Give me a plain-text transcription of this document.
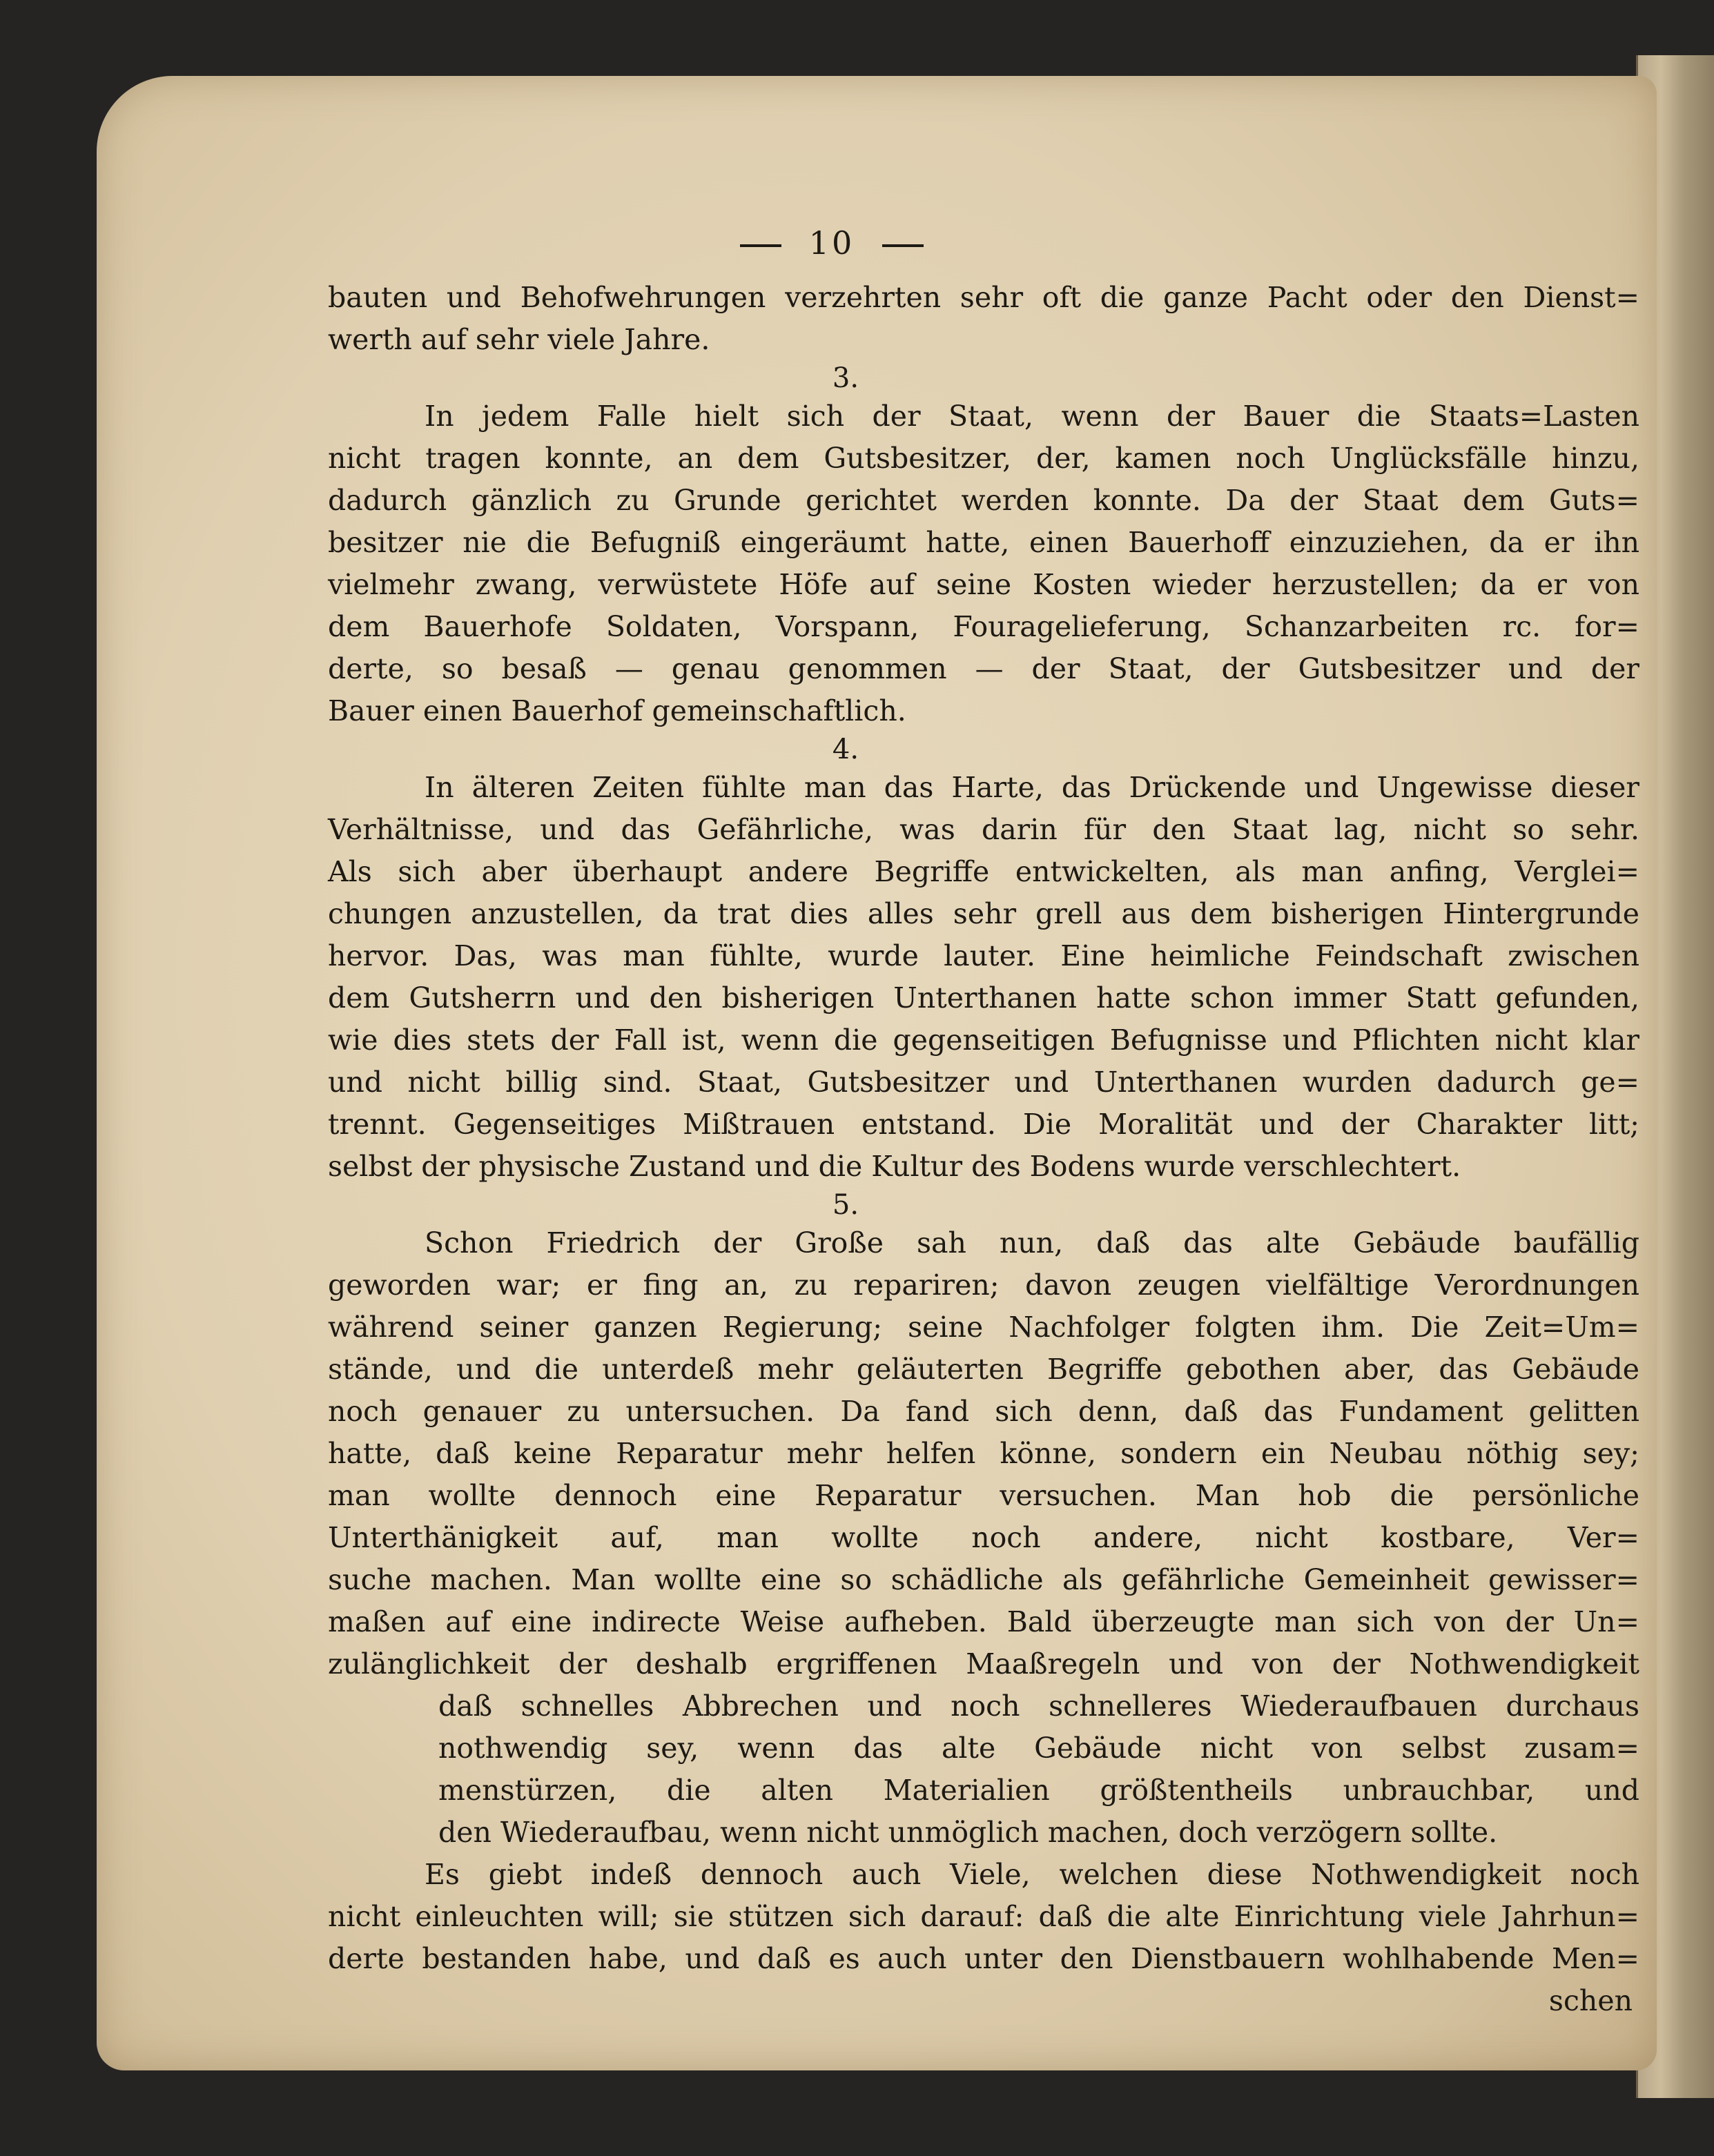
10
bauten und Behofwehrungen verzehrten sehr oft die ganze Pacht oder den Dienst=
werth auf sehr viele Jahre.
3.
In jedem Falle hielt sich der Staat, wenn der Bauer die Staats=Lasten
nicht tragen konnte, an dem Gutsbesitzer, der, kamen noch Unglücksfälle hinzu,
dadurch gänzlich zu Grunde gerichtet werden konnte. Da der Staat dem Guts=
besitzer nie die Befugniß eingeräumt hatte, einen Bauerhoff einzuziehen, da er ihn
vielmehr zwang, verwüstete Höfe auf seine Kosten wieder herzustellen; da er von
dem Bauerhofe Soldaten, Vorspann, Fouragelieferung, Schanzarbeiten rc. for=
derte, so besaß — genau genommen — der Staat, der Gutsbesitzer und der
Bauer einen Bauerhof gemeinschaftlich.
4.
In älteren Zeiten fühlte man das Harte, das Drückende und Ungewisse dieser
Verhältnisse, und das Gefährliche, was darin für den Staat lag, nicht so sehr.
Als sich aber überhaupt andere Begriffe entwickelten, als man anfing, Verglei=
chungen anzustellen, da trat dies alles sehr grell aus dem bisherigen Hintergrunde
hervor. Das, was man fühlte, wurde lauter. Eine heimliche Feindschaft zwischen
dem Gutsherrn und den bisherigen Unterthanen hatte schon immer Statt gefunden,
wie dies stets der Fall ist, wenn die gegenseitigen Befugnisse und Pflichten nicht klar
und nicht billig sind. Staat, Gutsbesitzer und Unterthanen wurden dadurch ge=
trennt. Gegenseitiges Mißtrauen entstand. Die Moralität und der Charakter litt;
selbst der physische Zustand und die Kultur des Bodens wurde verschlechtert.
5.
Schon Friedrich der Große sah nun, daß das alte Gebäude baufällig
geworden war; er fing an, zu repariren; davon zeugen vielfältige Verordnungen
während seiner ganzen Regierung; seine Nachfolger folgten ihm. Die Zeit=Um=
stände, und die unterdeß mehr geläuterten Begriffe gebothen aber, das Gebäude
noch genauer zu untersuchen. Da fand sich denn, daß das Fundament gelitten
hatte, daß keine Reparatur mehr helfen könne, sondern ein Neubau nöthig sey;
man wollte dennoch eine Reparatur versuchen. Man hob die persönliche
Unterthänigkeit auf, man wollte noch andere, nicht kostbare, Ver=
suche machen. Man wollte eine so schädliche als gefährliche Gemeinheit gewisser=
maßen auf eine indirecte Weise aufheben. Bald überzeugte man sich von der Un=
zulänglichkeit der deshalb ergriffenen Maaßregeln und von der Nothwendigkeit
daß schnelles Abbrechen und noch schnelleres Wiederaufbauen durchaus
nothwendig sey, wenn das alte Gebäude nicht von selbst zusam=
menstürzen, die alten Materialien größtentheils unbrauchbar, und
den Wiederaufbau, wenn nicht unmöglich machen, doch verzögern sollte.
Es giebt indeß dennoch auch Viele, welchen diese Nothwendigkeit noch
nicht einleuchten will; sie stützen sich darauf: daß die alte Einrichtung viele Jahrhun=
derte bestanden habe, und daß es auch unter den Dienstbauern wohlhabende Men=
schen
